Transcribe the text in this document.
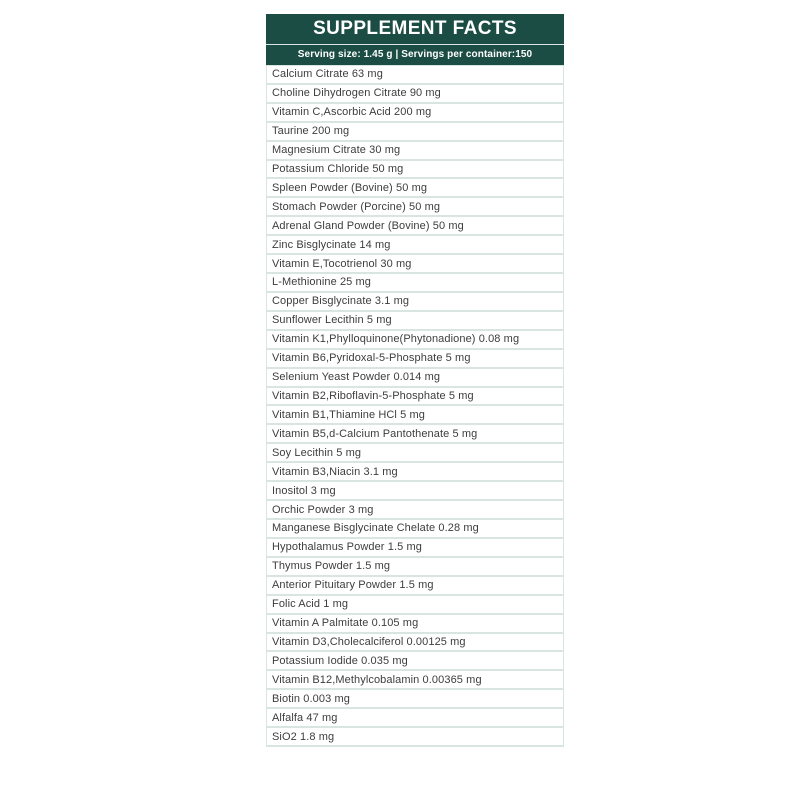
SUPPLEMENT FACTS
Serving size: 1.45 g | Servings per container:150
Calcium Citrate 63 mg
Choline Dihydrogen Citrate 90 mg
Vitamin C,Ascorbic Acid 200 mg
Taurine 200 mg
Magnesium Citrate 30 mg
Potassium Chloride 50 mg
Spleen Powder (Bovine) 50 mg
Stomach Powder (Porcine) 50 mg
Adrenal Gland Powder (Bovine) 50 mg
Zinc Bisglycinate 14 mg
Vitamin E,Tocotrienol 30 mg
L-Methionine 25 mg
Copper Bisglycinate 3.1 mg
Sunflower Lecithin 5 mg
Vitamin K1,Phylloquinone(Phytonadione) 0.08 mg
Vitamin B6,Pyridoxal-5-Phosphate 5 mg
Selenium Yeast Powder 0.014 mg
Vitamin B2,Riboflavin-5-Phosphate 5 mg
Vitamin B1,Thiamine HCl 5 mg
Vitamin B5,d-Calcium Pantothenate 5 mg
Soy Lecithin 5 mg
Vitamin B3,Niacin 3.1 mg
Inositol 3 mg
Orchic Powder 3 mg
Manganese Bisglycinate Chelate 0.28 mg
Hypothalamus Powder 1.5 mg
Thymus Powder 1.5 mg
Anterior Pituitary Powder 1.5 mg
Folic Acid 1 mg
Vitamin A Palmitate 0.105 mg
Vitamin D3,Cholecalciferol 0.00125 mg
Potassium Iodide 0.035 mg
Vitamin B12,Methylcobalamin 0.00365 mg
Biotin 0.003 mg
Alfalfa 47 mg
SiO2 1.8 mg
